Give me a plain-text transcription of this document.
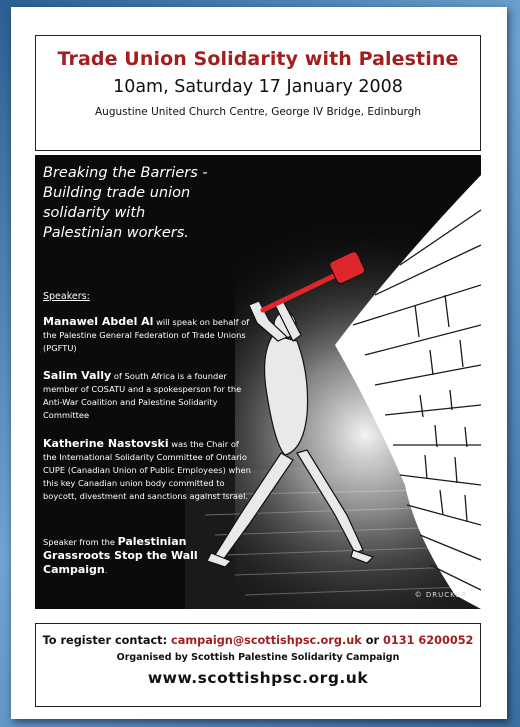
Trade Union Solidarity with Palestine
10am, Saturday 17 January 2008
Augustine United Church Centre, George IV Bridge, Edinburgh
Breaking the Barriers -
Building trade union
solidarity with
Palestinian workers.
Speakers:
Manawel Abdel Al will speak on behalf of the Palestine General Federation of Trade Unions (PGFTU)
Salim Vally of South Africa is a founder member of COSATU and a spokesperson for the Anti-War Coalition and Palestine Solidarity Committee
Katherine Nastovski was the Chair of the International Solidarity Committee of Ontario CUPE (Canadian Union of Public Employees) when this key Canadian union body committed to boycott, divestment and sanctions against Israel.
Speaker from the Palestinian Grassroots Stop the Wall Campaign.
© DRUCKER
To register contact: campaign@scottishpsc.org.uk or 0131 6200052
Organised by Scottish Palestine Solidarity Campaign
www.scottishpsc.org.uk
